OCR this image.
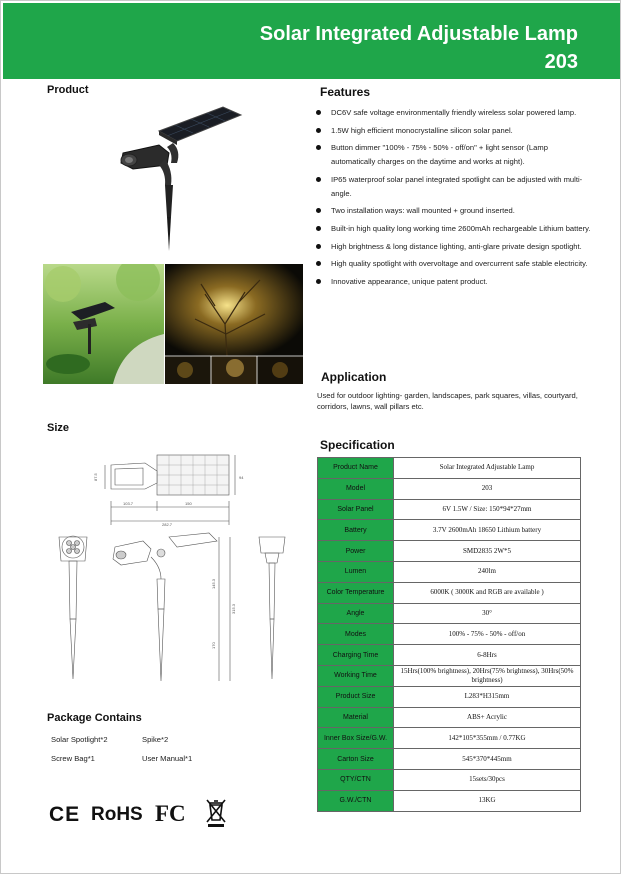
Solar Integrated Adjustable Lamp
203
Product	Features
Application
Size
Specification
Package Contains
DC6V safe voltage environmentally friendly wireless solar powered lamp.
1.5W high efficient monocrystalline silicon solar panel.
Button dimmer "100% - 75% - 50% - off/on" + light sensor (Lamp automatically charges on the daytime and works at night).
IP65 waterproof solar panel integrated spotlight can be adjusted with multi-angle.
Two installation ways: wall mounted + ground inserted.
Built-in high quality long working time 2600mAh rechargeable Lithium battery.
High brightness & long distance lighting, anti-glare private design spotlight.
High quality spotlight with overvoltage and overcurrent safe stable electricity.
Innovative appearance, unique patent product.
Used for outdoor lighting- garden, landscapes, park squares, villas, courtyard, corridors, lawns, wall pillars etc.
103.7	150
282.7
87.5	94
145.3
315.3
170
Product Name	Solar Integrated Adjustable Lamp
Model	203
Solar Panel	6V 1.5W / Size: 150*94*27mm
Battery	3.7V 2600mAh 18650 Lithium battery
Power	SMD2835 2W*5
Lumen	240lm
Color Temperature	6000K ( 3000K and RGB are available )
Angle	30°
Modes	100% - 75% - 50% - off/on
Charging Time	6-8Hrs
Working Time	15Hrs(100% brightness), 20Hrs(75% brightness), 30Hrs(50% brightness)
Product Size	L283*H315mm
Material	ABS+ Acrylic
Inner Box Size/G.W.	142*105*355mm / 0.77KG
Carton Size	545*370*445mm
QTY/CTN	15sets/30pcs
G.W./CTN	13KG
Solar Spotlight*2	Spike*2
Screw Bag*1	User Manual*1
CE RoHS FC
